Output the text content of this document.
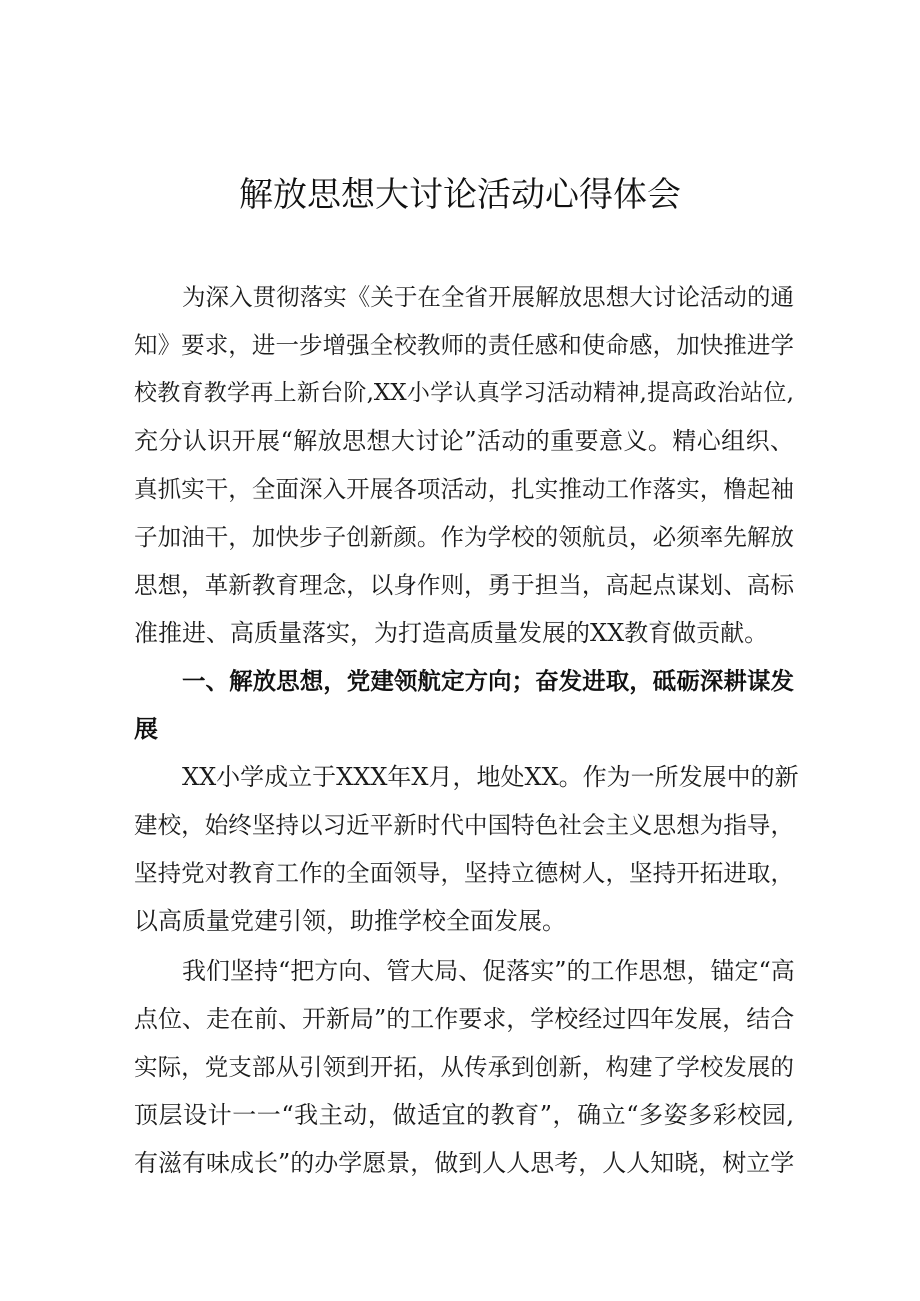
解放思想大讨论活动心得体会
为深入贯彻落实《关于在全省开展解放思想大讨论活动的通
知》要求，进一步增强全校教师的责任感和使命感，加快推进学
校教育教学再上新台阶,XX小学认真学习活动精神,提高政治站位,
充分认识开展“解放思想大讨论”活动的重要意义。精心组织、
真抓实干，全面深入开展各项活动，扎实推动工作落实，橹起袖
子加油干，加快步子创新颜。作为学校的领航员，必须率先解放
思想，革新教育理念，以身作则，勇于担当，高起点谋划、高标
准推进、高质量落实，为打造高质量发展的XX教育做贡献。
一、解放思想，党建领航定方向；奋发进取，砥砺深耕谋发
展
XX小学成立于XXX年X月，地处XX。作为一所发展中的新
建校，始终坚持以习近平新时代中国特色社会主义思想为指导，
坚持党对教育工作的全面领导，坚持立德树人，坚持开拓进取，
以高质量党建引领，助推学校全面发展。
我们坚持“把方向、管大局、促落实”的工作思想，锚定“高
点位、走在前、开新局”的工作要求，学校经过四年发展，结合
实际，党支部从引领到开拓，从传承到创新，构建了学校发展的
顶层设计一一“我主动，做适宜的教育”，确立“多姿多彩校园,
有滋有味成长”的办学愿景，做到人人思考，人人知晓，树立学
